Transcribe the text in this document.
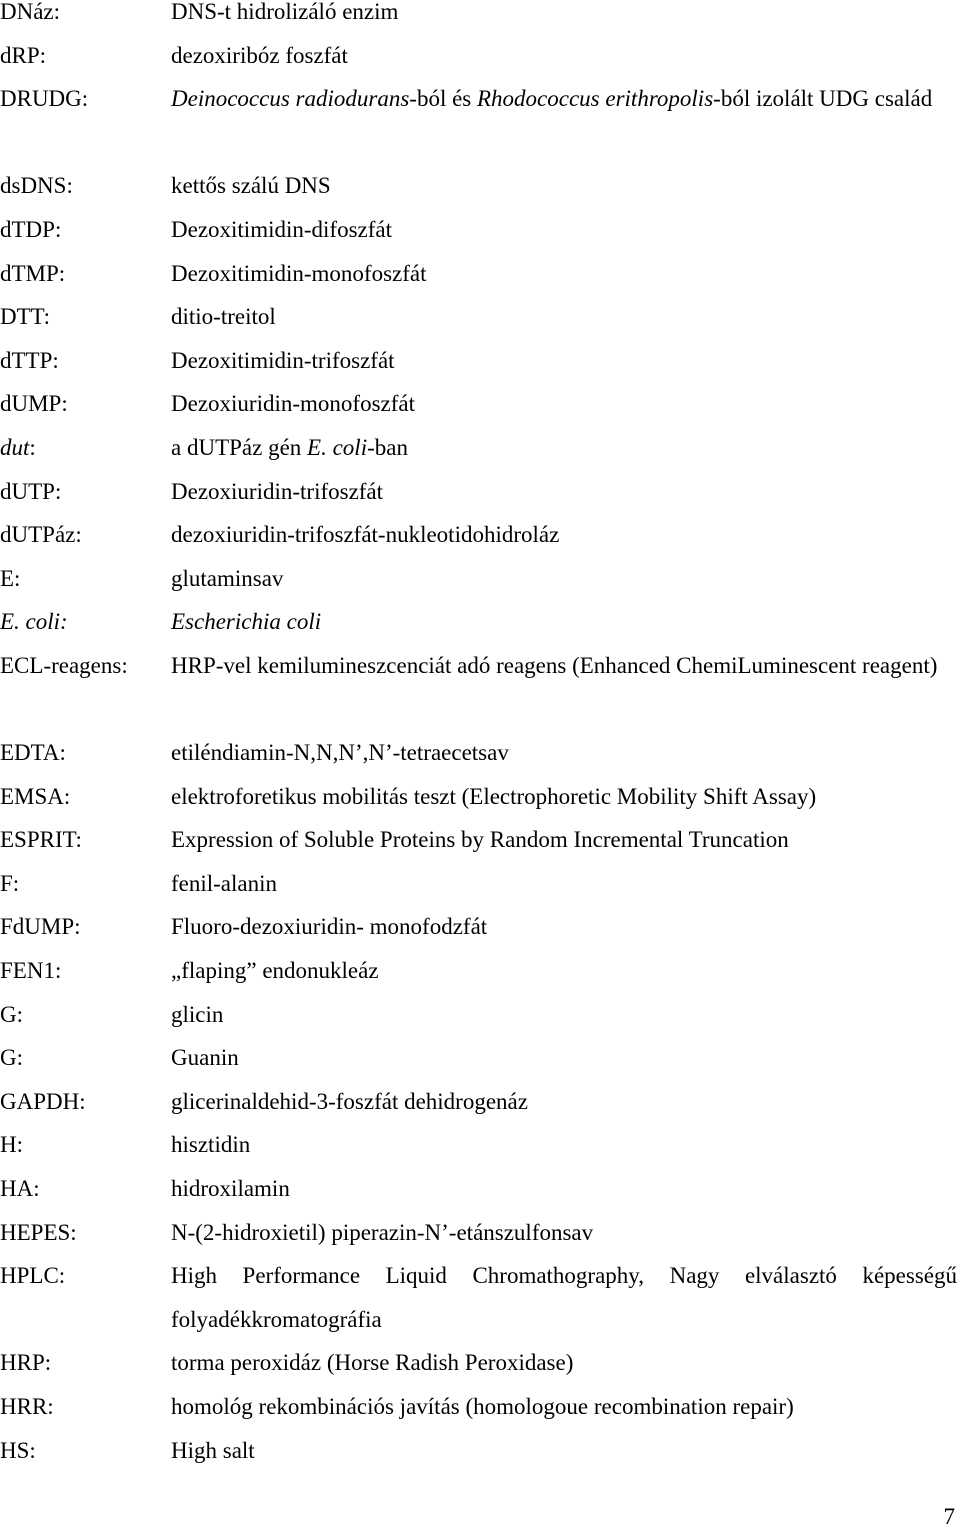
DNáz:	DNS-t hidrolizáló enzim
dRP:	dezoxiribóz foszfát
DRUDG:	Deinococcus radiodurans-ból és Rhodococcus erithropolis-ból izolált UDG család
dsDNS:	kettős szálú DNS
dTDP:	Dezoxitimidin-difoszfát
dTMP:	Dezoxitimidin-monofoszfát
DTT:	ditio-treitol
dTTP:	Dezoxitimidin-trifoszfát
dUMP:	Dezoxiuridin-monofoszfát
dut:	a dUTPáz gén E. coli-ban
dUTP:	Dezoxiuridin-trifoszfát
dUTPáz:	dezoxiuridin-trifoszfát-nukleotidohidroláz
E:	glutaminsav
E. coli:	Escherichia coli
ECL-reagens: HRP-vel kemilumineszcenciát adó reagens (Enhanced ChemiLuminescent reagent)
EDTA:	etiléndiamin-N,N,N’,N’-tetraecetsav
EMSA:	elektroforetikus mobilitás teszt (Electrophoretic Mobility Shift Assay)
ESPRIT:	Expression of Soluble Proteins by Random Incremental Truncation
F:	fenil-alanin
FdUMP:	Fluoro-dezoxiuridin- monofodzfát
FEN1:	„flaping” endonukleáz
G:	glicin
G:	Guanin
GAPDH:	glicerinaldehid-3-foszfát dehidrogenáz
H:	hisztidin
HA:	hidroxilamin
HEPES:	N-(2-hidroxietil) piperazin-N’-etánszulfonsav
HPLC:	High Performance Liquid Chromathography, Nagy elválasztó képességű folyadékkromatográfia
HRP:	torma peroxidáz (Horse Radish Peroxidase)
HRR:	homológ rekombinációs javítás (homologoue recombination repair)
HS:	High salt
7
